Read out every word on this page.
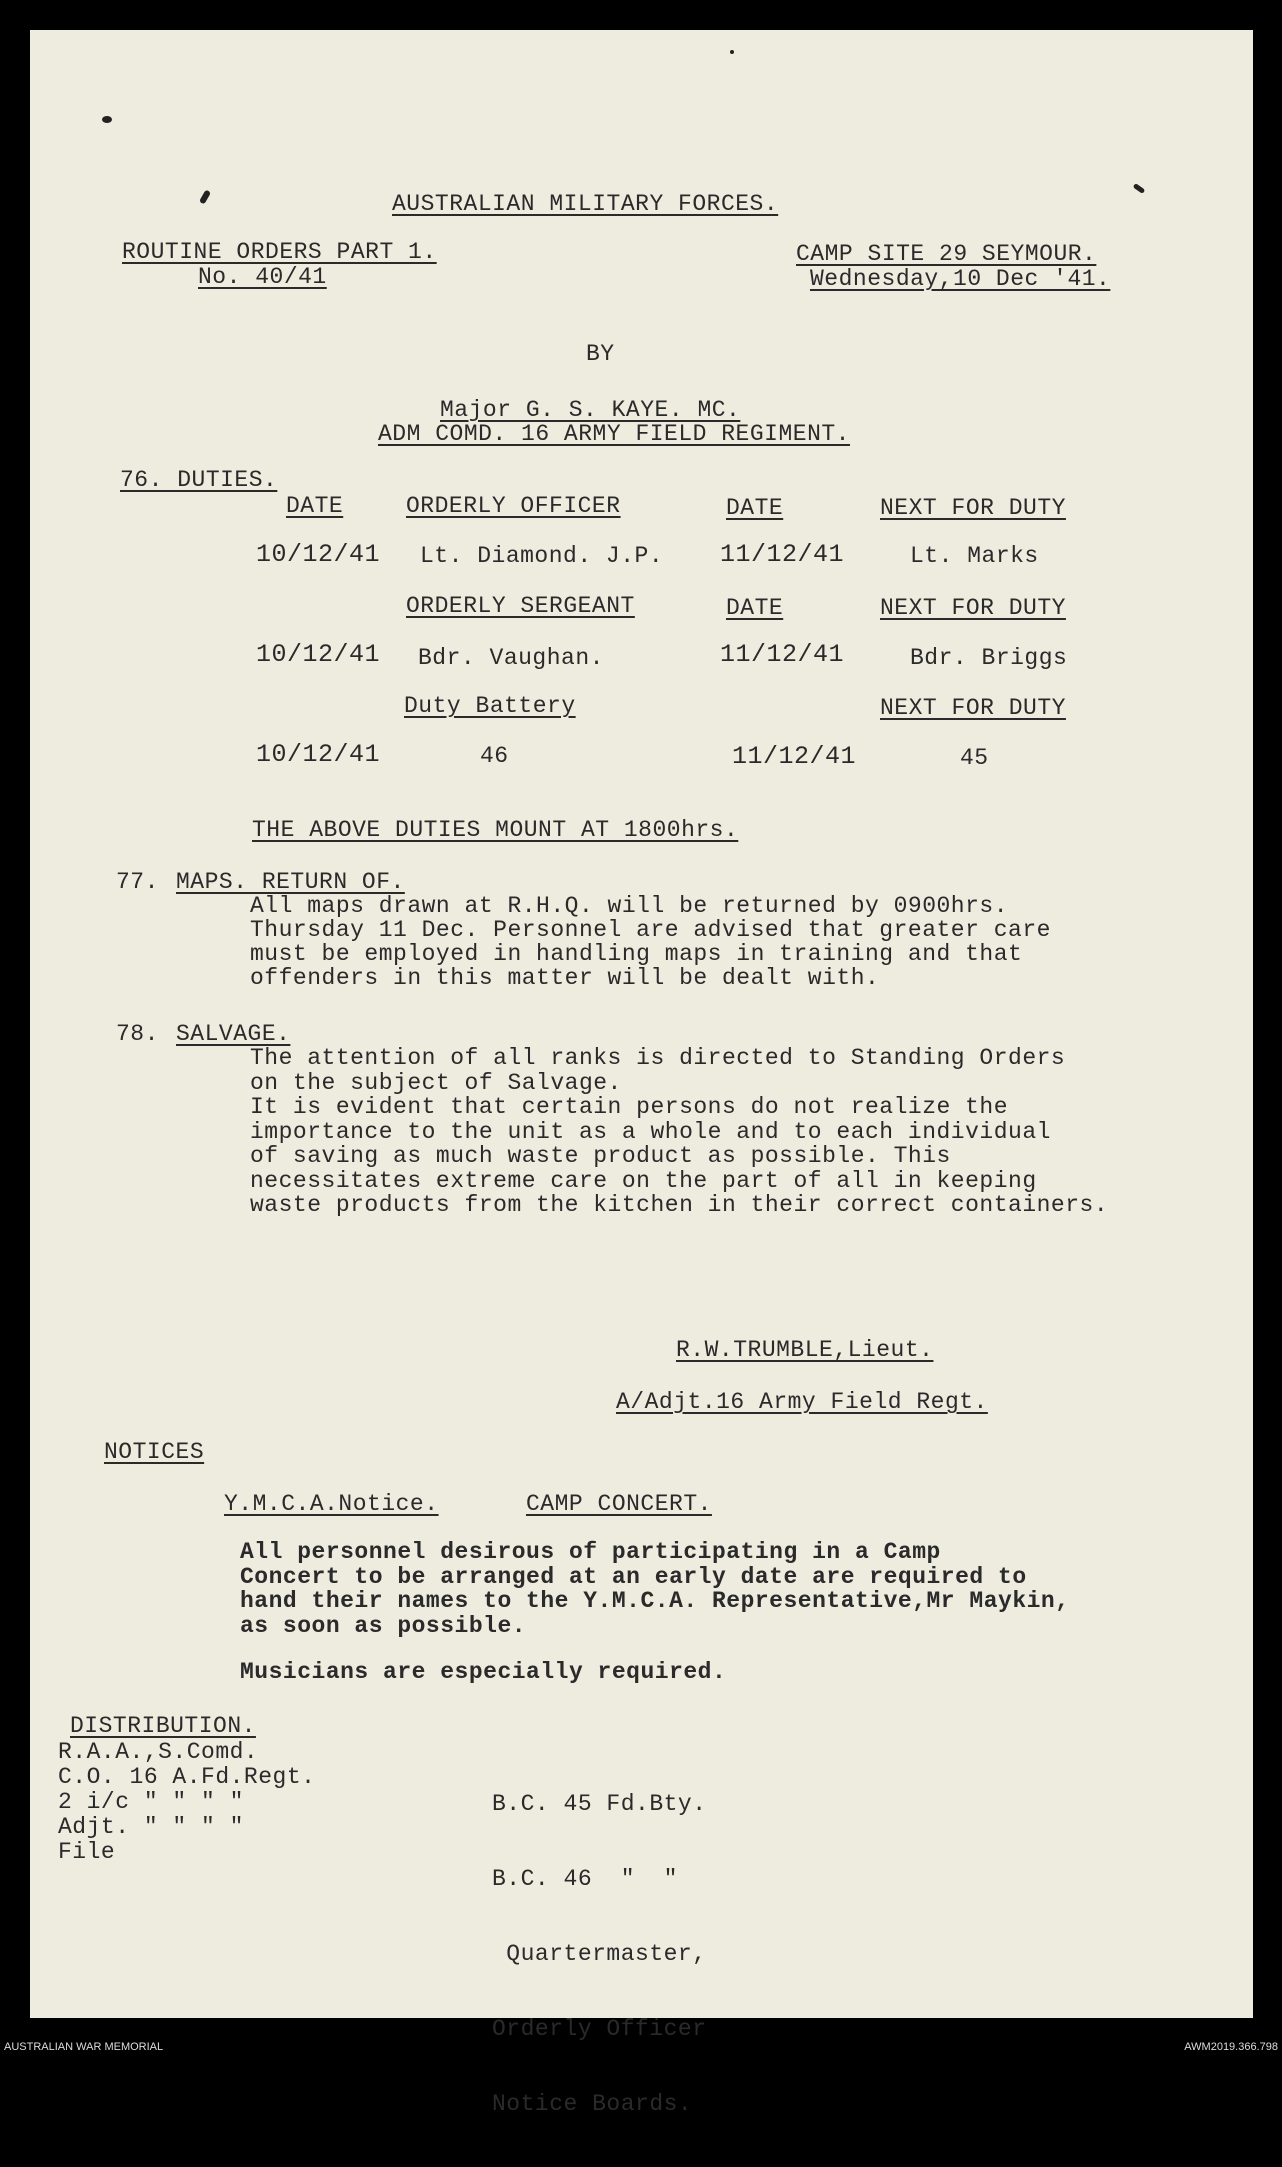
AUSTRALIAN MILITARY FORCES.
ROUTINE ORDERS PART 1.
No. 40/41
CAMP SITE 29 SEYMOUR.
Wednesday,10 Dec '41.
BY
Major G. S. KAYE. MC.
ADM COMD. 16 ARMY FIELD REGIMENT.
76. DUTIES.
DATE	ORDERLY OFFICER	DATE	NEXT FOR DUTY
10/12/41 Lt. Diamond. J.P. 11/12/41	Lt. Marks
ORDERLY SERGEANT	DATE	NEXT FOR DUTY
10/12/41 Bdr. Vaughan.	11/12/41	Bdr. Briggs
Duty Battery	NEXT FOR DUTY
10/12/41	46	11/12/41	45
THE ABOVE DUTIES MOUNT AT 1800hrs.
77. MAPS. RETURN OF.
All maps drawn at R.H.Q. will be returned by 0900hrs.
Thursday 11 Dec. Personnel are advised that greater care
must be employed in handling maps in training and that
offenders in this matter will be dealt with.
78. SALVAGE.
The attention of all ranks is directed to Standing Orders
on the subject of Salvage.
It is evident that certain persons do not realize the
importance to the unit as a whole and to each individual
of saving as much waste product as possible. This
necessitates extreme care on the part of all in keeping
waste products from the kitchen in their correct containers.
R.W.TRUMBLE,Lieut.
A/Adjt.16 Army Field Regt.
NOTICES
Y.M.C.A.Notice.	CAMP CONCERT.
All personnel desirous of participating in a Camp
Concert to be arranged at an early date are required to
hand their names to the Y.M.C.A. Representative,Mr Maykin,
as soon as possible.
Musicians are especially required.
DISTRIBUTION.
R.A.A.,S.Comd.
C.O. 16 A.Fd.Regt.
2 i/c " " " "
Adjt. " " " "
File

B.C. 45 Fd.Bty.

B.C. 46  "  "

Quartermaster,

Orderly Officer

Notice Boards.

AUSTRALIAN WAR MEMORIAL	AWM2019.366.798
